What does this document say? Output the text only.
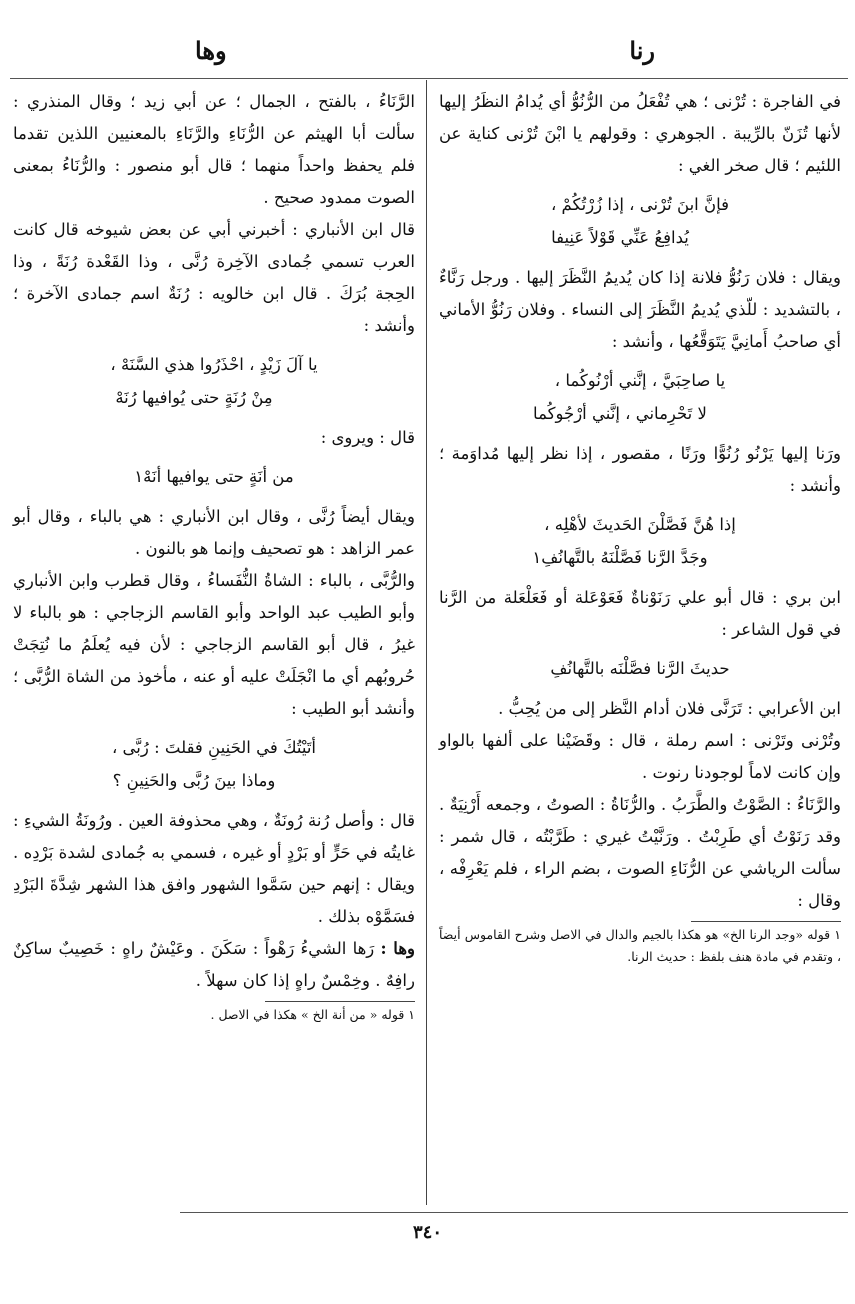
رنا
وها

في الفاجرة : تُرْنى ؛ هي تُفْعَلُ من الرُّنُوُّ أي يُدامُ النظَرُ إليها لأنها تُزَنّ بالرِّيبة . الجوهري : وقولهم يا ابْنَ تُرْنى كناية عن اللئيم ؛ قال صخر الغي :

فإنَّ ابنَ تُرْنى ، إذا زُرْتُكُمْ ،
يُدافِعُ عَنِّي قَوْلاً عَنِيفا

ويقال : فلان رَنُوُّ فلانة إذا كان يُديمُ النَّظَرَ إليها . ورجل رَنَّاءٌ ، بالتشديد : للّذي يُديمُ النَّظَرَ إلى النساء . وفلان رَنُوُّ الأماني أي صاحبُ أَمانِيَّ يَتَوَقَّعُها ، وأنشد :

يا صاحِبَيَّ ، إنَّني أرْنُوكُما ،
لا تَحْرِماني ، إنَّني أرْجُوكُما

ورَنا إليها يَرْنُو رُنُوًّا ورَنًا ، مقصور ، إذا نظر إليها مُداوَمة ؛ وأنشد :

إذا هُنَّ فَصَّلْنَ الحَديثَ لأهْلِه ،
وجَدَّ الرَّنا فَصَّلْنَهُ بالتَّهانُفِ١

ابن بري : قال أبو علي رَنَوْناةٌ فَعَوْعَلة أو فَعَلْعَلة من الرَّنا في قول الشاعر :

حديثَ الرَّنا فصَّلْنَه بالتَّهانُفِ

ابن الأعرابي : تَرَنَّى فلان أدام النَّظر إلى من يُحِبُّ .

وتُرْنى وتَرْنى : اسم رملة ، قال : وقَضَيْنا على ألفها بالواو وإن كانت لاماً لوجودنا رنوت .

والرَّنَاءُ : الصَّوْتُ والطَّرَبُ . والرُّنَاةُ : الصوتُ ، وجمعه أَرْنِيَةٌ . وقد رَنَوْتُ أي طَرِبْتُ . ورَنَّيْتُ غيري : طَرَّبْتُه ، قال شمر : سألت الرياشي عن الرُّنَاءِ الصوت ، بضم الراء ، فلم يَعْرِفْه ، وقال :

١ قوله «وجد الرنا الخ» هو هكذا بالجيم والدال في الاصل وشرح القاموس أيضاً ، وتقدم في مادة هنف بلفظ : حديث الرنا.

الرَّنَاءُ ، بالفتح ، الجمال ؛ عن أبي زيد ؛ وقال المنذري : سألت أبا الهيثم عن الرُّنَاءِ والرَّنَاءِ بالمعنيين اللذين تقدما فلم يحفظ واحداً منهما ؛ قال أبو منصور : والرُّنَاءُ بمعنى الصوت ممدود صحيح .

قال ابن الأنباري : أخبرني أبي عن بعض شيوخه قال كانت العرب تسمي جُمادى الآخِرة رُنَّى ، وذا القَعْدة رُنَةً ، وذا الحِجة بُرَكَ . قال ابن خالويه : رُنَةٌ اسم جمادى الآخرة ؛ وأنشد :

يا آلَ زَيْدٍ ، احْذَرُوا هذي السَّنَهْ ،
مِنْ رُنَةٍ حتى يُوافيها رُنَهْ

قال : ويروى :

من أنَةٍ حتى يوافيها أنَهْ١

ويقال أيضاً رُنَّى ، وقال ابن الأنباري : هي بالباء ، وقال أبو عمر الزاهد : هو تصحيف وإنما هو بالنون .

والرُّبَّى ، بالباء : الشاةُ النُّفَساءُ ، وقال قطرب وابن الأنباري وأبو الطيب عبد الواحد وأبو القاسم الزجاجي : هو بالباء لا غيرُ ، قال أبو القاسم الزجاجي : لأن فيه يُعلَمُ ما نُتِجَتْ حُروبُهم أي ما انْجَلَتْ عليه أو عنه ، مأخوذ من الشاة الرُّبَّى ؛ وأنشد أبو الطيب :

أتَيْتُكَ في الحَنِينِ فقلتَ : رُبَّى ،
وماذا بينَ رُبَّى والحَنِينِ ؟

قال : وأصل رُنة رُونَةٌ ، وهي محذوفة العين . ورُونَةُ الشيءِ : غايتُه في حَرٍّ أو بَرْدٍ أو غيره ، فسمي به جُمادى لشدة بَرْدِه . ويقال : إنهم حين سَمَّوا الشهور وافق هذا الشهر شِدَّةَ البَرْدِ فسَمَّوْه بذلك .

وها : رَها الشيءُ رَهْواً : سَكَنَ . وعَيْشٌ راهٍ : خَصِيبٌ ساكِنٌ رافِهٌ . وخِمْسٌ راهٍ إذا كان سهلاً .

١ قوله « من أنة الخ » هكذا في الاصل .

٣٤٠
